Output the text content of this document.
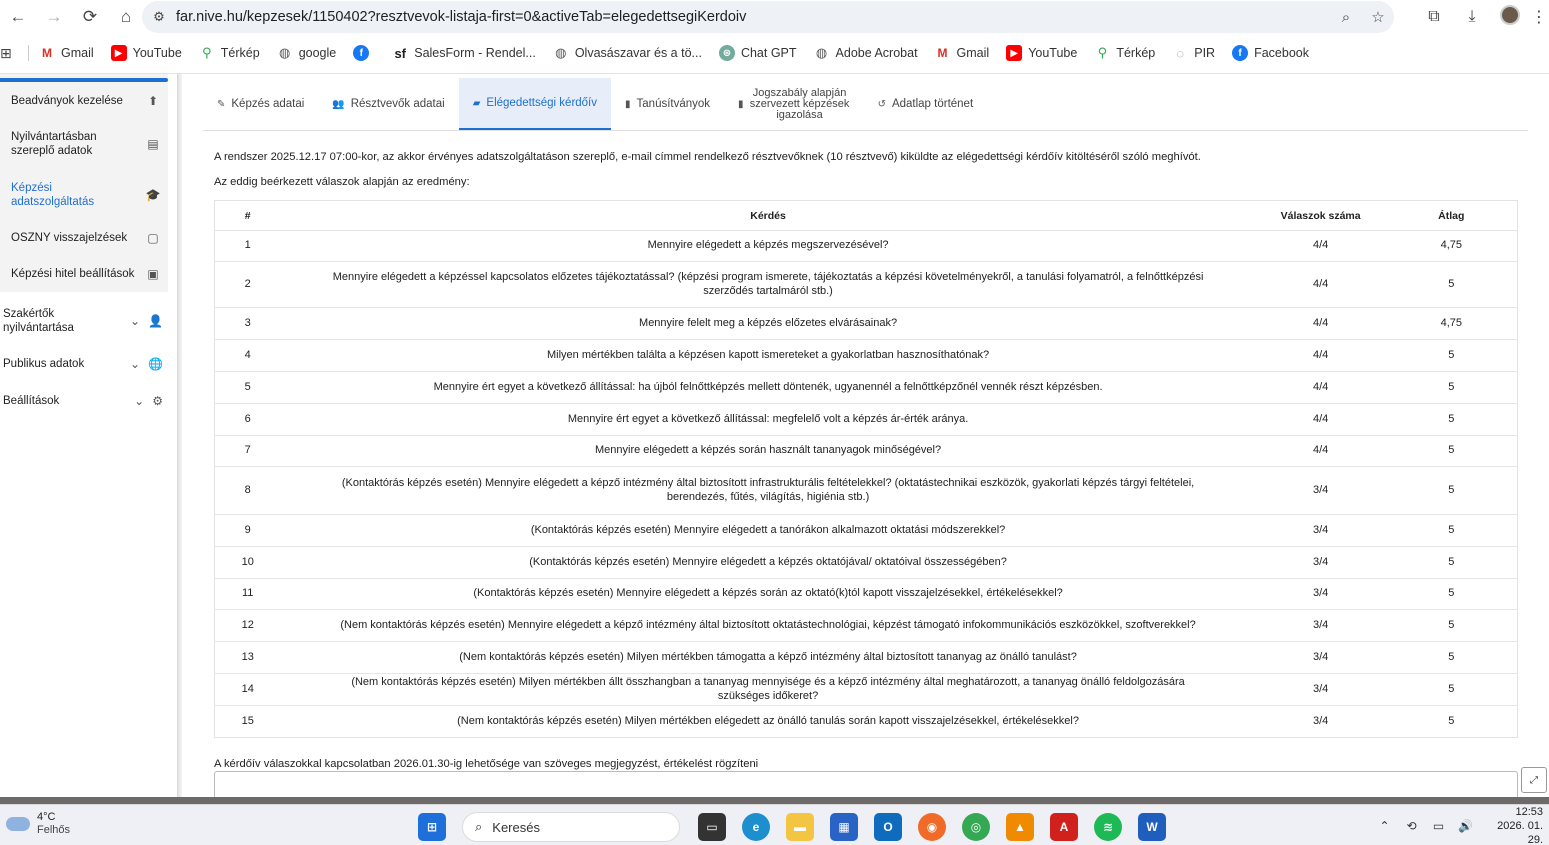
←	→	⟳	⌂	⚙ far.nive.hu/kepzesek/1150402?resztvevok-listaja-first=0&activeTab=elegedettsegiKerdoiv	⌕	☆	⧉	⤓	⋮
⊞	M Gmail	▶ YouTube ⚲ Térkép ◍ google	f	sf SalesForm - Rendel... ◍ Olvasászavar és a tö...	⊛ Chat GPT ◍ Adobe Acrobat M Gmail	▶ YouTube ⚲ Térkép	◌ PIR	f Facebook
Beadványok kezelése ⬆
Nyilvántartásban szereplő adatok	▤
Képzési adatszolgáltatás	🎓
OSZNY visszajelzések ▢
Képzési hitel beállítások ▣
Szakértők nyilvántartása	⌄ 👤
Publikus adatok	⌄ 🌐
Beállítások	⌄ ⚙
✎ Képzés adatai	👥 Résztvevők adatai	▰ Elégedettségi kérdőív	▮ Tanúsítványok	▮
Jogszabály alapján szervezett képzések igazolása
↺ Adatlap történet
A rendszer 2025.12.17 07:00-kor, az akkor érvényes adatszolgáltatáson szereplő, e-mail címmel rendelkező résztvevőknek (10 résztvevő) kiküldte az elégedettségi kérdőív kitöltéséről szóló meghívót.
Az eddig beérkezett válaszok alapján az eredmény:
#	Kérdés	Válaszok száma	Átlag
1	Mennyire elégedett a képzés megszervezésével?	4/4	4,75
2	Mennyire elégedett a képzéssel kapcsolatos előzetes tájékoztatással? (képzési program ismerete, tájékoztatás a képzési követelményekről, a tanulási folyamatról, a felnőttképzési szerződés tartalmáról stb.)	4/4	5
3	Mennyire felelt meg a képzés előzetes elvárásainak?	4/4	4,75
4	Milyen mértékben találta a képzésen kapott ismereteket a gyakorlatban hasznosíthatónak?	4/4	5
5	Mennyire ért egyet a következő állítással: ha újból felnőttképzés mellett döntenék, ugyanennél a felnőttképzőnél vennék részt képzésben.	4/4	5
6	Mennyire ért egyet a következő állítással: megfelelő volt a képzés ár-érték aránya.	4/4	5
7	Mennyire elégedett a képzés során használt tananyagok minőségével?	4/4	5
8	(Kontaktórás képzés esetén) Mennyire elégedett a képző intézmény által biztosított infrastrukturális feltételekkel? (oktatástechnikai eszközök, gyakorlati képzés tárgyi feltételei, berendezés, fűtés, világítás, higiénia stb.)	3/4	5
9	(Kontaktórás képzés esetén) Mennyire elégedett a tanórákon alkalmazott oktatási módszerekkel?	3/4	5
10	(Kontaktórás képzés esetén) Mennyire elégedett a képzés oktatójával/ oktatóival összességében?	3/4	5
11	(Kontaktórás képzés esetén) Mennyire elégedett a képzés során az oktató(k)tól kapott visszajelzésekkel, értékelésekkel?	3/4	5
12	(Nem kontaktórás képzés esetén) Mennyire elégedett a képző intézmény által biztosított oktatástechnológiai, képzést támogató infokommunikációs eszközökkel, szoftverekkel?	3/4	5
13	(Nem kontaktórás képzés esetén) Milyen mértékben támogatta a képző intézmény által biztosított tananyag az önálló tanulást?	3/4	5
14	(Nem kontaktórás képzés esetén) Milyen mértékben állt összhangban a tananyag mennyisége és a képző intézmény által meghatározott, a tananyag önálló feldolgozására szükséges időkeret?	3/4	5
15	(Nem kontaktórás képzés esetén) Milyen mértékben elégedett az önálló tanulás során kapott visszajelzésekkel, értékelésekkel?	3/4	5
A kérdőív válaszokkal kapcsolatban 2026.01.30-ig lehetősége van szöveges megjegyzést, értékelést rögzíteni
⤢
4°C
Felhős	⊞	⌕ Keresés	▭	e	▬	▦	O	◉	◎	▲	A	≋	W	⌃	⟲	▭	🔊
12:53
2026. 01. 29.
